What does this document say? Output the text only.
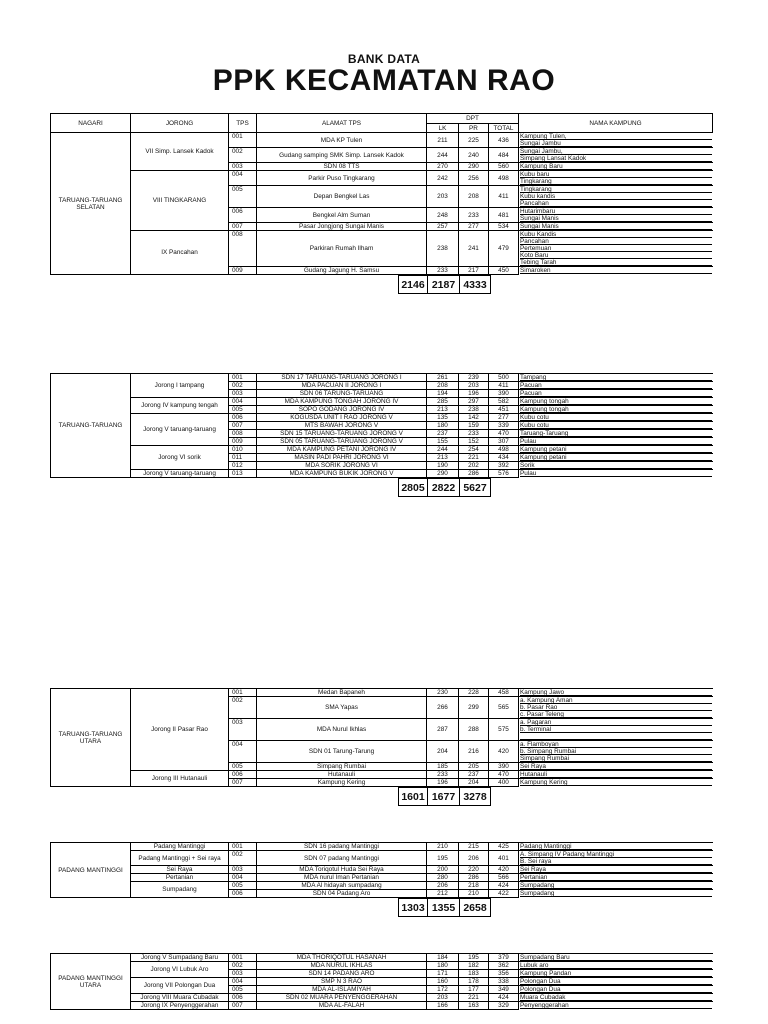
BANK DATA
PPK KECAMATAN RAO
NAGARI	JORONG	TPS	ALAMAT TPS	DPT			NAMA KAMPUNG
				LK	PR	TOTAL	
TARUANG-TARUANG SELATAN	VII Simp. Lansek Kadok	001	MDA KP Tulen	211	225	436	Kampung Tulen,
Sungai Jambu

		002	Gudang samping SMK Simp. Lansek Kadok	244	240	484	Sungai Jambu,
Simpang Lansat Kadok

		003	SDN 08 TTS	270	290	560	Kampung Baru

	VIII TINGKARANG	004	Parkir Puso Tingkarang	242	256	498	Kubu baru
Tingkarang

		005	Depan Bengkel Las	203	208	411	Tingkarang
Kubu kandis
Pancahan

		006	Bengkel Alm Suman	248	233	481	Hutarimbaru
Sungai Manis

		007	Pasar Jongjong Sungai Manis	257	277	534	Sungai Manis

	IX Pancahan	008	Parkiran Rumah Ilham	238	241	479	Kubu Kandis
Pancahan
Pertemuan
Koto Baru
Tebing Tarah

		009	Gudang Jagung H. Samsu	233	217	450	Simaroken
2146	2187	4333
TARUANG-TARUANG	Jorong I tampang	001	SDN 17 TARUANG-TARUANG JORONG I	261	239	500	Tampang

		002	MDA PACUAN II JORONG I	208	203	411	Pacuan

		003	SDN 06 TARUNG-TARUANG	194	196	390	Pacuan

	Jorong IV kampung tengah	004	MDA KAMPUNG TONGAH JORONG IV	285	297	582	Kampung tongah

		005	SOPO GODANG JORONG IV	213	238	451	Kampung tongah

	Jorong V taruang-taruang	006	KOGUSDA UNIT I RAO JORONG V	135	142	277	Kubu cotu

		007	MTS BAWAH JORONG V	180	159	339	Kubu cotu

		008	SDN 15 TARUANG-TARUANG JORONG V	237	233	470	Taruang-Taruang

		009	SDN 05 TARUANG-TARUANG JORONG V	155	152	307	Pulau

	Jorong VI sorik	010	MDA KAMPUNG PETANI JORONG IV	244	254	498	Kampung petani

		011	MASIN PADI PAHRI JORONG VI	213	221	434	Kampung petani

		012	MDA SORIK JORONG VI	190	202	392	Sorik

	Jorong V taruang-taruang	013	MDA KAMPUNG BUKIK JORONG V	290	286	576	Pulau
2805	2822	5627
TARUANG-TARUANG UTARA	Jorong II Pasar Rao	001	Medan Bapaneh	230	228	458	Kampung Jawo

		002	SMA Yapas	266	299	565	a. Kampung Aman
b. Pasar Rao
c. Pasar Teleng

		003	MDA Nurul Ikhlas	287	288	575	a. Pagaran
b. Terminal

		004	SDN 01 Tarung-Tarung	204	216	420	a. Flamboyan
b. Simpang Rumbai
Simpang Rumbai

		005	Simpang Rumbai	185	205	390	Sei Raya

	Jorong III Hutanauli	006	Hutanauli	233	237	470	Hutanauli

		007	Kampung Kering	196	204	400	Kampung Kering
1601	1677	3278
PADANG MANTINGGI	Padang Mantinggi	001	SDN 16 padang Mantinggi	210	215	425	Padang Mantinggi

	Padang Mantinggi + Sei raya	002	SDN 07 padang Mantinggi	195	206	401	A. Simpang IV Padang Mantinggi
B. Sei raya

	Sei Raya	003	MDA Toriqotul Huda Sei Raya	200	220	420	Sei Raya

	Pertanian	004	MDA nurul Iman Pertanian	280	286	566	Pertanian

	Sumpadang	005	MDA Al hidayah sumpadang	206	218	424	Sumpadang

		006	SDN 04 Padang Aro	212	210	422	Sumpadang
1303	1355	2658
PADANG MANTINGGI UTARA	Jorong V Sumpadang Baru	001	MDA THORIQOTUL HASANAH	184	195	379	Sumpadang Baru

	Jorong VI Lubuk Aro	002	MDA NURUL IKHLAS	180	182	362	Lubuk aro

		003	SDN 14 PADANG ARO	171	183	356	Kampung Pandan

	Jorong VII Polongan Dua	004	SMP N 3 RAO	160	178	338	Polongan Dua

		005	MDA AL-ISLAMIYAH	172	177	349	Polongan Dua

	Jorong VIII Muara Cubadak	006	SDN 02 MUARA PENYENGGERAHAN	203	221	424	Muara Cubadak

	Jorong IX Penyenggerahan	007	MDA AL-FALAH	166	163	329	Penyenggerahan
